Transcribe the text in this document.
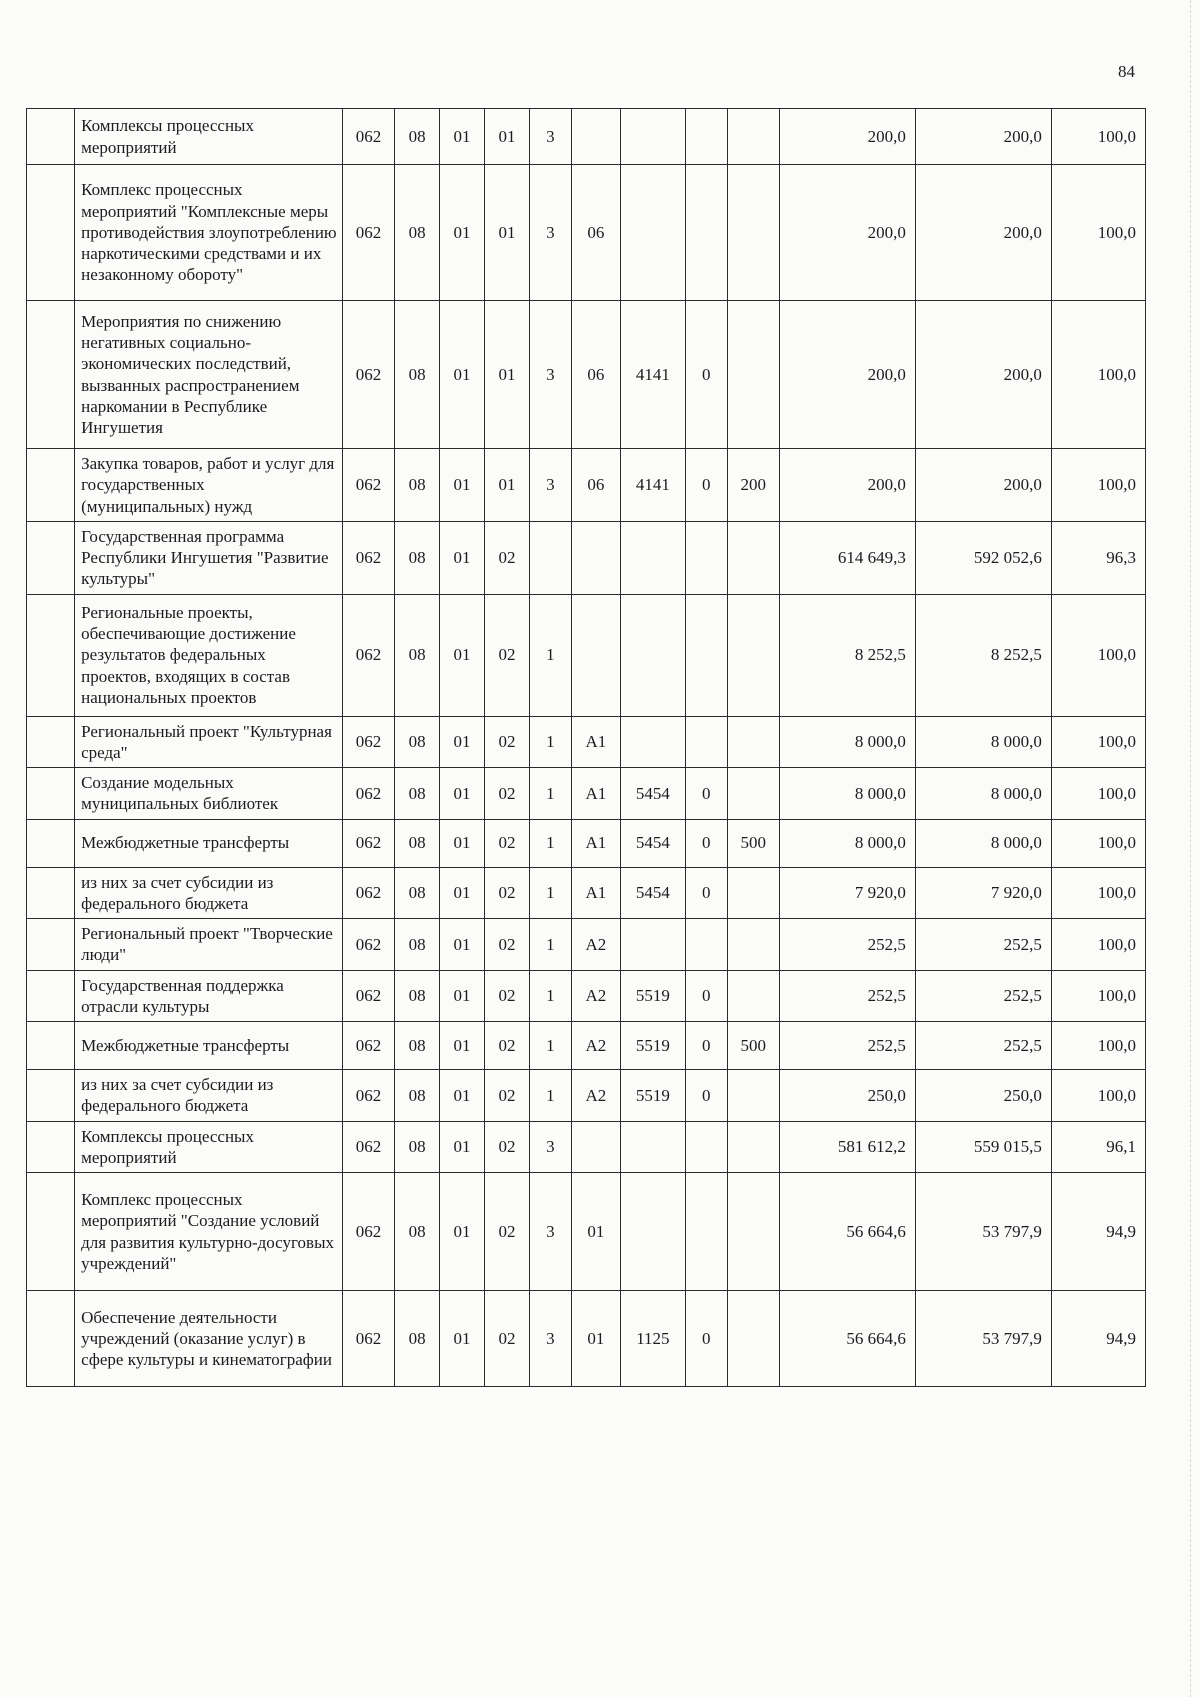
84
	Комплексы процессных мероприятий	062	08	01	01	3					200,0	200,0	100,0
	Комплекс процессных мероприятий "Комплексные меры противодействия злоупотреблению наркотическими средствами и их незаконному обороту"	062	08	01	01	3	06				200,0	200,0	100,0
	Мероприятия по снижению негативных социально-экономических последствий, вызванных распространением наркомании в Республике Ингушетия	062	08	01	01	3	06	4141	0		200,0	200,0	100,0
	Закупка товаров, работ и услуг для государственных (муниципальных) нужд	062	08	01	01	3	06	4141	0	200	200,0	200,0	100,0
	Государственная программа Республики Ингушетия "Развитие культуры"	062	08	01	02						614 649,3	592 052,6	96,3
	Региональные проекты, обеспечивающие достижение результатов федеральных проектов, входящих в состав национальных проектов	062	08	01	02	1					8 252,5	8 252,5	100,0
	Региональный проект "Культурная среда"	062	08	01	02	1	A1				8 000,0	8 000,0	100,0
	Создание модельных муниципальных библиотек	062	08	01	02	1	A1	5454	0		8 000,0	8 000,0	100,0
	Межбюджетные трансферты	062	08	01	02	1	A1	5454	0	500	8 000,0	8 000,0	100,0
	из них за счет субсидии из федерального бюджета	062	08	01	02	1	A1	5454	0		7 920,0	7 920,0	100,0
	Региональный проект "Творческие люди"	062	08	01	02	1	A2				252,5	252,5	100,0
	Государственная поддержка отрасли культуры	062	08	01	02	1	A2	5519	0		252,5	252,5	100,0
	Межбюджетные трансферты	062	08	01	02	1	A2	5519	0	500	252,5	252,5	100,0
	из них за счет субсидии из федерального бюджета	062	08	01	02	1	A2	5519	0		250,0	250,0	100,0
	Комплексы процессных мероприятий	062	08	01	02	3					581 612,2	559 015,5	96,1
	Комплекс процессных мероприятий "Создание условий для развития культурно-досуговых учреждений"	062	08	01	02	3	01				56 664,6	53 797,9	94,9
	Обеспечение деятельности учреждений (оказание услуг) в сфере культуры и кинематографии	062	08	01	02	3	01	1125	0		56 664,6	53 797,9	94,9
